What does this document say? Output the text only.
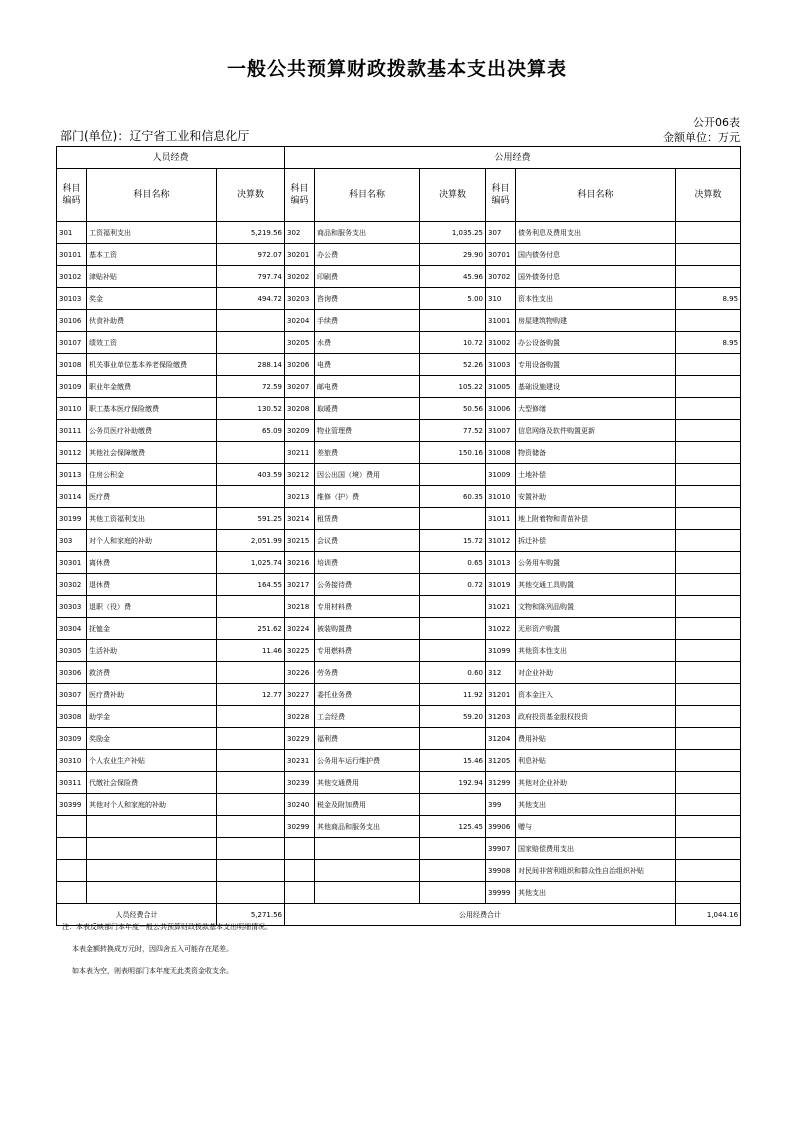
一般公共预算财政拨款基本支出决算表
公开06表
部门(单位)：辽宁省工业和信息化厅	金额单位：万元
人员经费			公用经费					
科目编码	科目名称	决算数	科目编码	科目名称	决算数	科目编码	科目名称	决算数
301	工资福利支出	5,219.56	302	商品和服务支出	1,035.25	307	债务利息及费用支出	
30101	基本工资	972.07	30201	办公费	29.90	30701	国内债务付息	
30102	津贴补贴	797.74	30202	印刷费	45.96	30702	国外债务付息	
30103	奖金	494.72	30203	咨询费	5.00	310	资本性支出	8.95
30106	伙食补助费		30204	手续费		31001	房屋建筑物购建	
30107	绩效工资		30205	水费	10.72	31002	办公设备购置	8.95
30108	机关事业单位基本养老保险缴费	288.14	30206	电费	52.26	31003	专用设备购置	
30109	职业年金缴费	72.59	30207	邮电费	105.22	31005	基础设施建设	
30110	职工基本医疗保险缴费	130.52	30208	取暖费	50.56	31006	大型修缮	
30111	公务员医疗补助缴费	65.09	30209	物业管理费	77.52	31007	信息网络及软件购置更新	
30112	其他社会保障缴费		30211	差旅费	150.16	31008	物资储备	
30113	住房公积金	403.59	30212	因公出国（境）费用		31009	土地补偿	
30114	医疗费		30213	维修（护）费	60.35	31010	安置补助	
30199	其他工资福利支出	591.25	30214	租赁费		31011	地上附着物和青苗补偿	
303	对个人和家庭的补助	2,051.99	30215	会议费	15.72	31012	拆迁补偿	
30301	离休费	1,025.74	30216	培训费	0.65	31013	公务用车购置	
30302	退休费	164.55	30217	公务接待费	0.72	31019	其他交通工具购置	
30303	退职（役）费		30218	专用材料费		31021	文物和陈列品购置	
30304	抚恤金	251.62	30224	被装购置费		31022	无形资产购置	
30305	生活补助	11.46	30225	专用燃料费		31099	其他资本性支出	
30306	救济费		30226	劳务费	0.60	312	对企业补助	
30307	医疗费补助	12.77	30227	委托业务费	11.92	31201	资本金注入	
30308	助学金		30228	工会经费	59.20	31203	政府投资基金股权投资	
30309	奖励金		30229	福利费		31204	费用补贴	
30310	个人农业生产补贴		30231	公务用车运行维护费	15.46	31205	利息补贴	
30311	代缴社会保险费		30239	其他交通费用	192.94	31299	其他对企业补助	
30399	其他对个人和家庭的补助		30240	税金及附加费用		399	其他支出	
			30299	其他商品和服务支出	125.45	39906	赠与	
						39907	国家赔偿费用支出	
						39908	对民间非营利组织和群众性自治组织补贴	
						39999	其他支出	
人员经费合计		5,271.56	公用经费合计					1,044.16
注：本表反映部门本年度一般公共预算财政拨款基本支出明细情况。
本表金额转换成万元时，因四舍五入可能存在尾差。
如本表为空，则表明部门本年度无此类资金收支余。
